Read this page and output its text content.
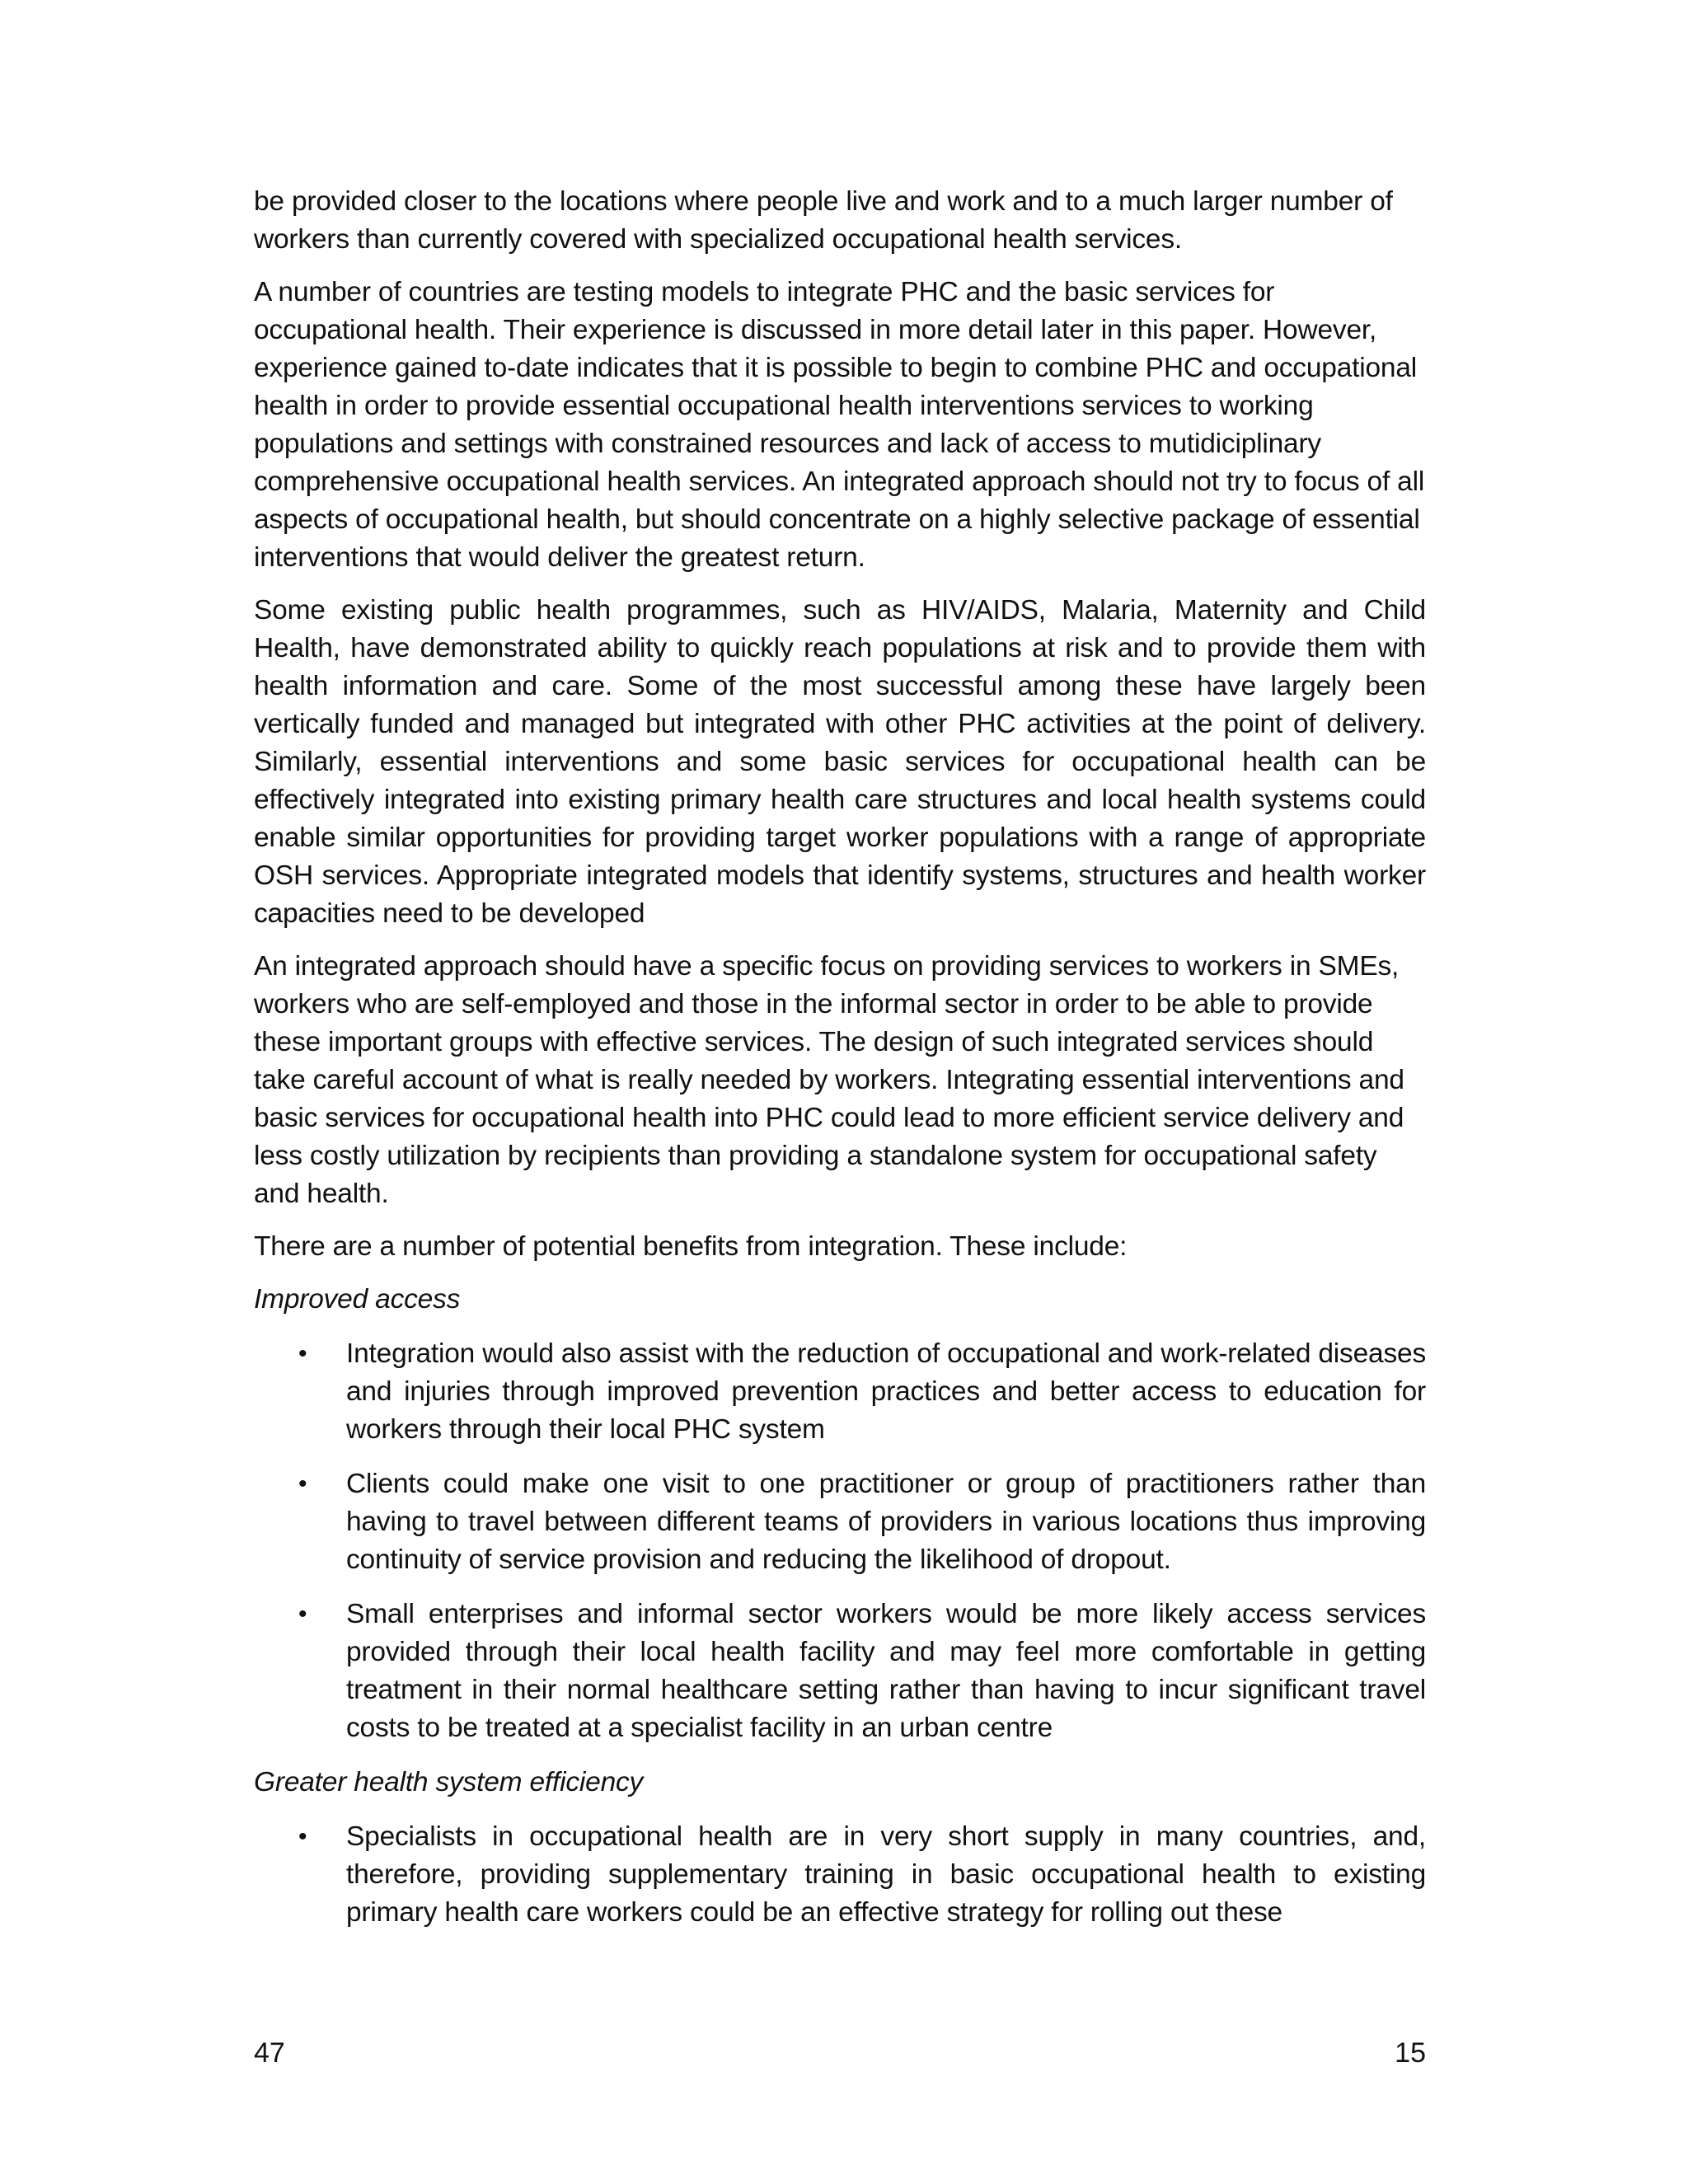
be provided closer to the locations where people live and work and to a much larger number of workers than currently covered with specialized occupational health services.

A number of countries are testing models to integrate PHC and the basic services for occupational health. Their experience is discussed in more detail later in this paper. However, experience gained to-date indicates that it is possible to begin to combine PHC and occupational health in order to provide essential occupational health interventions services to working populations and settings with constrained resources and lack of access to mutidiciplinary comprehensive occupational health services. An integrated approach should not try to focus of all aspects of occupational health, but should concentrate on a highly selective package of essential interventions that would deliver the greatest return.

Some existing public health programmes, such as HIV/AIDS, Malaria, Maternity and Child Health, have demonstrated ability to quickly reach populations at risk and to provide them with health information and care. Some of the most successful among these have largely been vertically funded and managed but integrated with other PHC activities at the point of delivery. Similarly, essential interventions and some basic services for occupational health can be effectively integrated into existing primary health care structures and local health systems could enable similar opportunities for providing target worker populations with a range of appropriate OSH services. Appropriate integrated models that identify systems, structures and health worker capacities need to be developed

An integrated approach should have a specific focus on providing services to workers in SMEs, workers who are self-employed and those in the informal sector in order to be able to provide these important groups with effective services. The design of such integrated services should take careful account of what is really needed by workers. Integrating essential interventions and basic services for occupational health into PHC could lead to more efficient service delivery and less costly utilization by recipients than providing a standalone system for occupational safety and health.

There are a number of potential benefits from integration. These include:

Improved access

• Integration would also assist with the reduction of occupational and work-related diseases and injuries through improved prevention practices and better access to education for workers through their local PHC system
• Clients could make one visit to one practitioner or group of practitioners rather than having to travel between different teams of providers in various locations thus improving continuity of service provision and reducing the likelihood of dropout.
• Small enterprises and informal sector workers would be more likely access services provided through their local health facility and may feel more comfortable in getting treatment in their normal healthcare setting rather than having to incur significant travel costs to be treated at a specialist facility in an urban centre

Greater health system efficiency

• Specialists in occupational health are in very short supply in many countries, and, therefore, providing supplementary training in basic occupational health to existing primary health care workers could be an effective strategy for rolling out these
47	15
